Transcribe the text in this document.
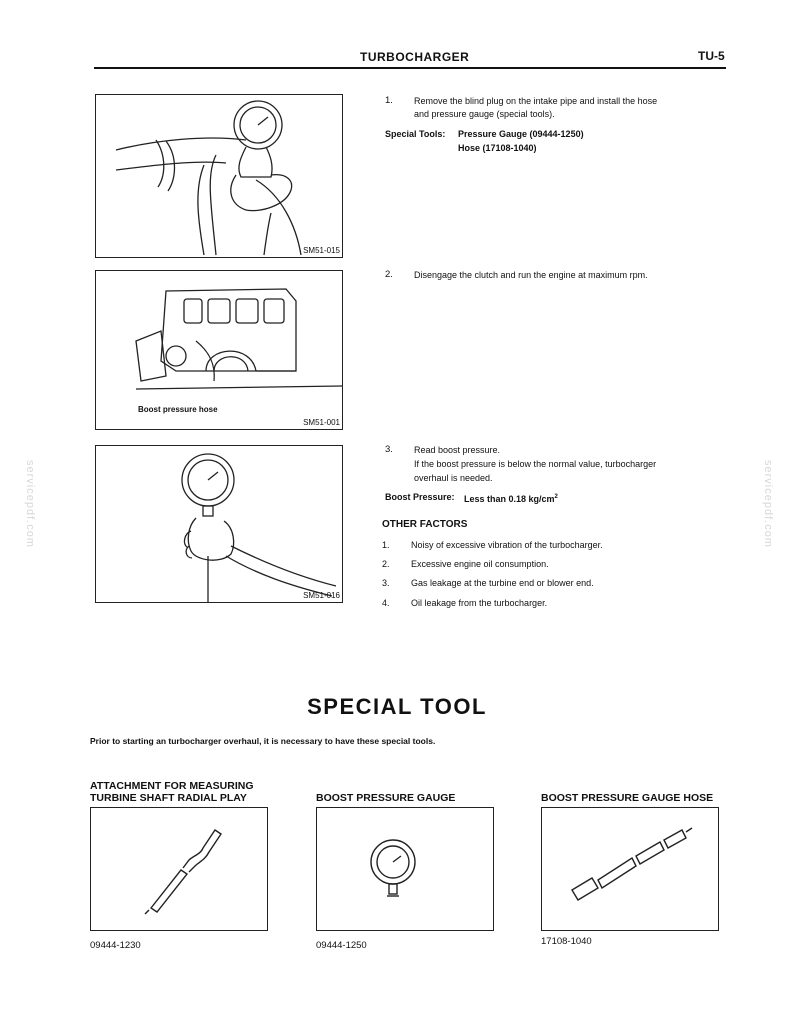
TURBOCHARGER	TU-5
servicepdf.com	servicepdf.com
SM51-015
Boost pressure hose
SM51-001
SM51-016
1. Remove the blind plug on the intake pipe and install the hose
and pressure gauge (special tools).
Special Tools: Pressure Gauge (09444-1250)
Hose (17108-1040)
2. Disengage the clutch and run the engine at maximum rpm.
3. Read boost pressure.
If the boost pressure is below the normal value, turbocharger
overhaul is needed.
Boost Pressure: Less than 0.18 $kg/cm^2$
OTHER FACTORS
1. Noisy of excessive vibration of the turbocharger.
2. Excessive engine oil consumption.
3. Gas leakage at the turbine end or blower end.
4. Oil leakage from the turbocharger.
SPECIAL TOOL
Prior to starting an turbocharger overhaul, it is necessary to have these special tools.
ATTACHMENT FOR MEASURING
TURBINE SHAFT RADIAL PLAY
09444-1230
BOOST PRESSURE GAUGE
09444-1250
BOOST PRESSURE GAUGE HOSE
17108-1040
